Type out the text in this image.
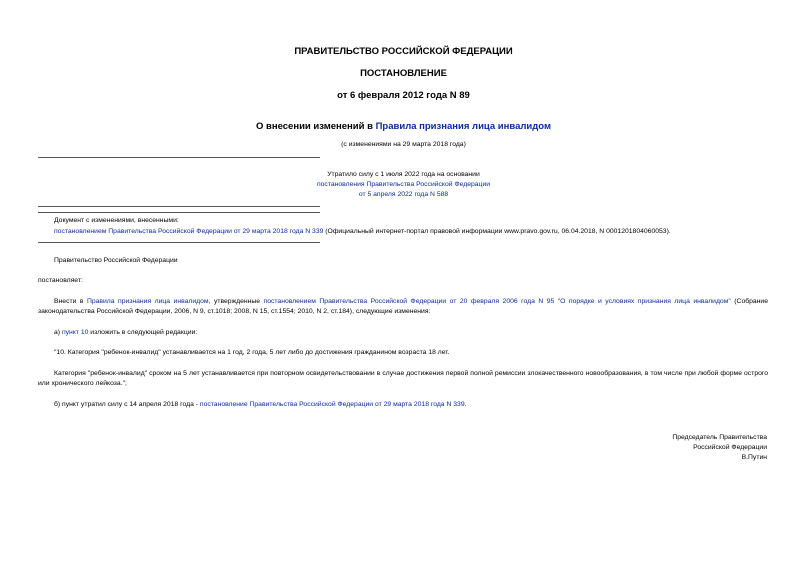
ПРАВИТЕЛЬСТВО РОССИЙСКОЙ ФЕДЕРАЦИИ
ПОСТАНОВЛЕНИЕ
от 6 февраля 2012 года N 89
О внесении изменений в Правила признания лица инвалидом
(с изменениями на 29 марта 2018 года)
Утратило силу с 1 июля 2022 года на основании
постановления Правительства Российской Федерации
от 5 апреля 2022 года N 588
Документ с изменениями, внесенными:
постановлением Правительства Российской Федерации от 29 марта 2018 года N 339 (Официальный интернет-портал правовой информации www.pravo.gov.ru, 06.04.2018, N 0001201804060053).
Правительство Российской Федерации
постановляет:
Внести в Правила признания лица инвалидом, утвержденные постановлением Правительства Российской Федерации от 20 февраля 2006 года N 95 "О порядке и условиях признания лица инвалидом" (Собрание законодательства Российской Федерации, 2006, N 9, ст.1018; 2008, N 15, ст.1554; 2010, N 2, ст.184), следующие изменения:
а) пункт 10 изложить в следующей редакции:
"10. Категория "ребенок-инвалид" устанавливается на 1 год, 2 года, 5 лет либо до достижения гражданином возраста 18 лет.
Категория "ребенок-инвалид" сроком на 5 лет устанавливается при повторном освидетельствовании в случае достижения первой полной ремиссии злокачественного новообразования, в том числе при любой форме острого или хронического лейкоза.";
б) пункт утратил силу с 14 апреля 2018 года - постановление Правительства Российской Федерации от 29 марта 2018 года N 339.
Председатель Правительства
Российской Федерации
В.Путин
